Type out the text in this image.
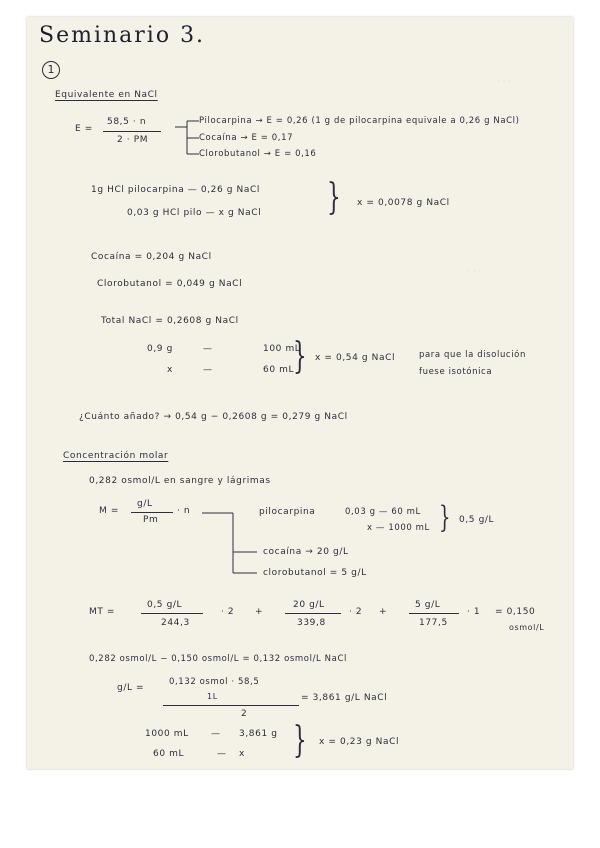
· · ·
· · ·
Seminario 3.
1
Equivalente en NaCl
E =
58,5 · n
2 · PM
Pilocarpina → E = 0,26 (1 g de pilocarpina equivale a 0,26 g NaCl)
Cocaína → E = 0,17
Clorobutanol → E = 0,16
1g HCl pilocarpina — 0,26 g NaCl
0,03 g HCl pilo — x g NaCl } x = 0,0078 g NaCl
Cocaína = 0,204 g NaCl
Clorobutanol = 0,049 g NaCl
Total NaCl = 0,2608 g NaCl
0,9 g	—	100 mL
x	—	60 mL
} x = 0,54 g NaCl	para que la disolución
fuese isotónica
¿Cuánto añado? → 0,54 g − 0,2608 g = 0,279 g NaCl
Concentración molar
0,282 osmol/L en sangre y lágrimas
M =
g/L
Pm
· n	pilocarpina	0,03 g — 60 mL
x — 1000 mL } 0,5 g/L
cocaína → 20 g/L
clorobutanol = 5 g/L
MT =
0,5 g/L
244,3
· 2 +
20 g/L
339,8
· 2 +
5 g/L
177,5
· 1 = 0,150
osmol/L
0,282 osmol/L − 0,150 osmol/L = 0,132 osmol/L NaCl
g/L =
0,132 osmol · 58,5
1L
2
= 3,861 g/L NaCl
1000 mL — 3,861 g
60 mL	— x } x = 0,23 g NaCl
